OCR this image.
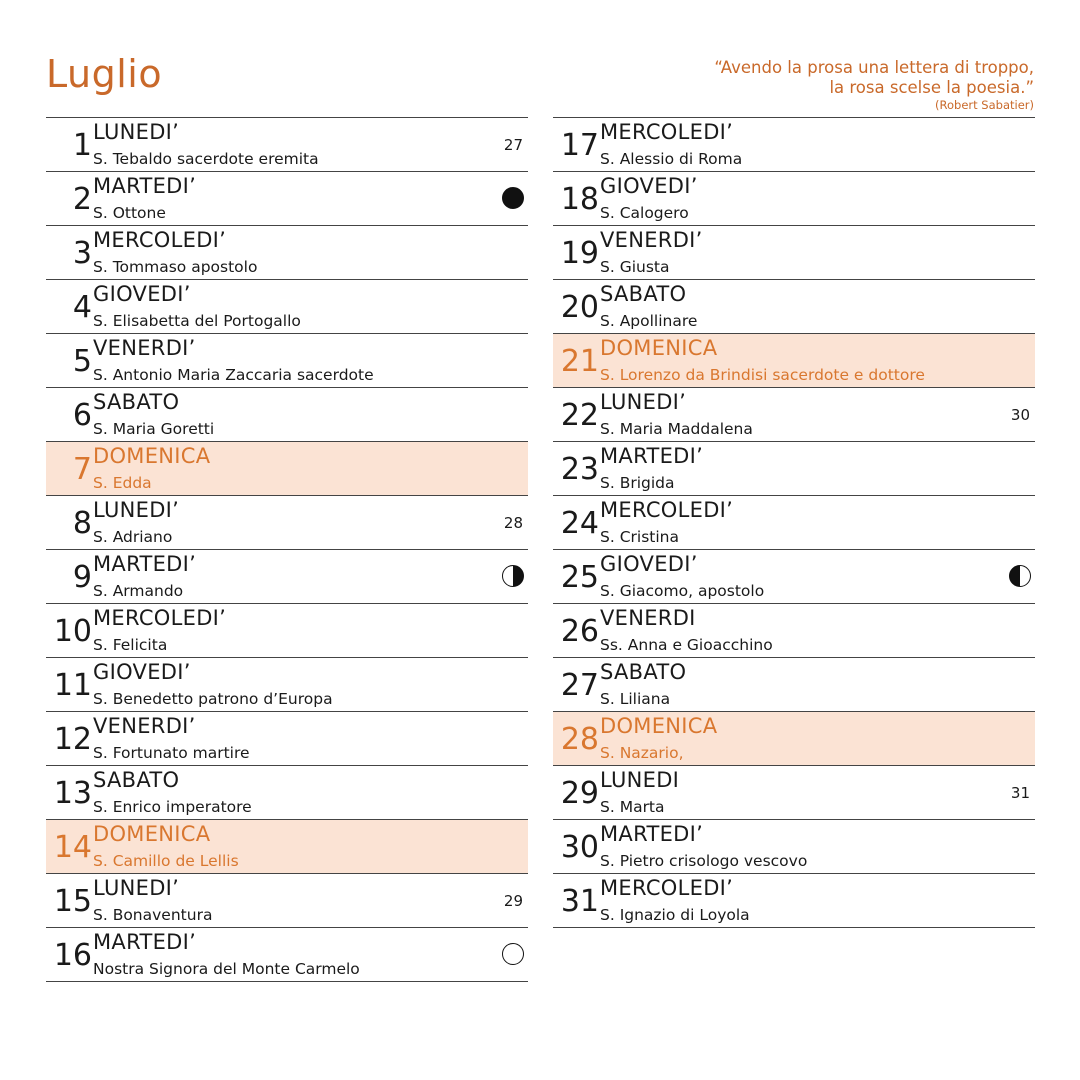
Luglio	“Avendo la prosa una lettera di troppo,
la rosa scelse la poesia.”
(Robert Sabatier)
1 LUNEDI’
S. Tebaldo sacerdote eremita
27
2 MARTEDI’
S. Ottone
3 MERCOLEDI’
S. Tommaso apostolo
4 GIOVEDI’
S. Elisabetta del Portogallo
5 VENERDI’
S. Antonio Maria Zaccaria sacerdote
6 SABATO
S. Maria Goretti
7 DOMENICA
S. Edda
8 LUNEDI’
S. Adriano
28
9 MARTEDI’
S. Armando
10 MERCOLEDI’
S. Felicita
11 GIOVEDI’
S. Benedetto patrono d’Europa
12 VENERDI’
S. Fortunato martire
13 SABATO
S. Enrico imperatore
14 DOMENICA
S. Camillo de Lellis
15 LUNEDI’
S. Bonaventura
29
16 MARTEDI’
Nostra Signora del Monte Carmelo
17 MERCOLEDI’
S. Alessio di Roma
18 GIOVEDI’
S. Calogero
19 VENERDI’
S. Giusta
20 SABATO
S. Apollinare
21 DOMENICA
S. Lorenzo da Brindisi sacerdote e dottore
22 LUNEDI’
S. Maria Maddalena
30
23 MARTEDI’
S. Brigida
24 MERCOLEDI’
S. Cristina
25 GIOVEDI’
S. Giacomo, apostolo
26 VENERDI
Ss. Anna e Gioacchino
27 SABATO
S. Liliana
28 DOMENICA
S. Nazario,
29 LUNEDI
S. Marta
31
30 MARTEDI’
S. Pietro crisologo vescovo
31 MERCOLEDI’
S. Ignazio di Loyola
